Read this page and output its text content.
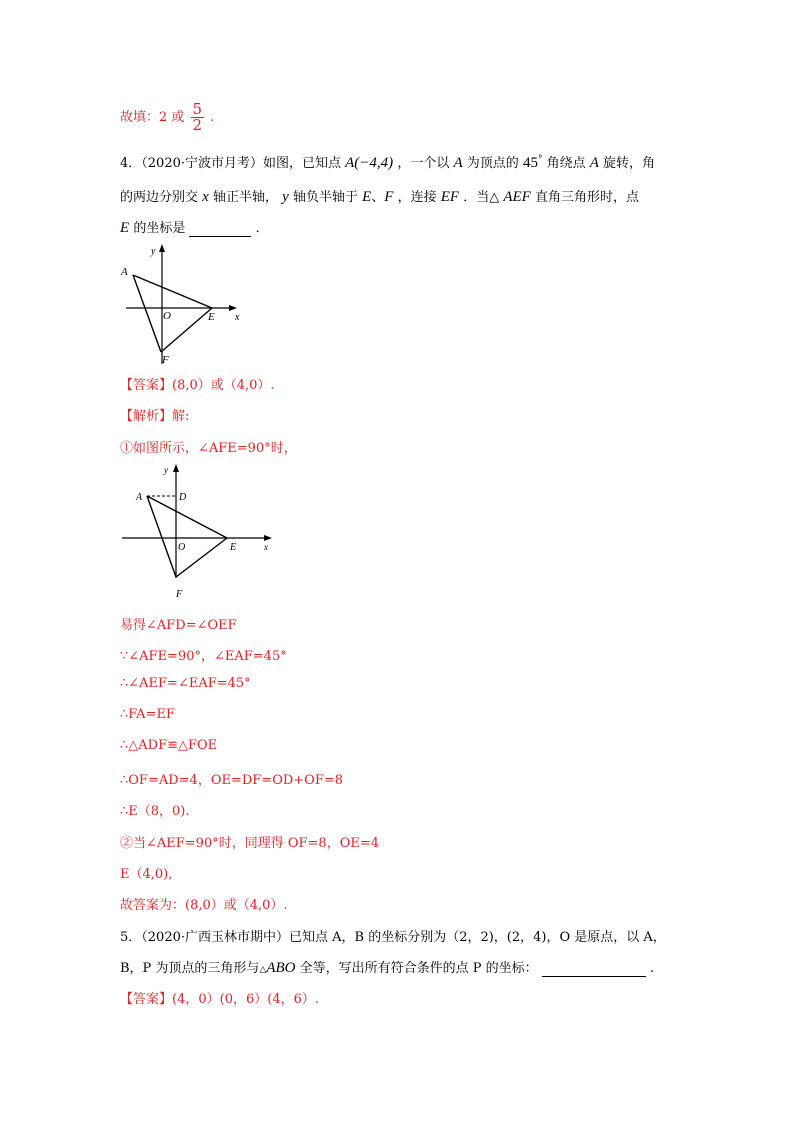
故填：2 或 $\frac{5}{2}$ .
4．（2020·宁波市月考）如图，已知点 A(−4,4) ，一个以 A 为顶点的 45° 角绕点 A 旋转，角
的两边分别交 x 轴正半轴， y 轴负半轴于 E、F ，连接 EF ．当△ AEF 直角三角形时，点
E 的坐标是	．
y
A
O	E x
F
【答案】(8,0）或（4,0）.
【解析】解:
①如图所示，∠AFE=90°时，
y
A	D
O	E	x
F
易得∠AFD=∠OEF
∵∠AFE=90°，∠EAF=45°
∴∠AEF=∠EAF=45°
∴FA=EF
∴△ADF≌△FOE
∴OF=AD=4，OE=DF=OD+OF=8
∴E（8，0).
②当∠AEF=90°时，同理得 OF=8，OE=4
E（4,0),
故答案为：(8,0）或（4,0）.
5．（2020·广西玉林市期中）已知点 A，B 的坐标分别为（2，2)，(2，4)，O 是原点，以 A，
B，P 为顶点的三角形与△ABO 全等，写出所有符合条件的点 P 的坐标：	.
【答案】(4，0）(0，6）(4，6）.
